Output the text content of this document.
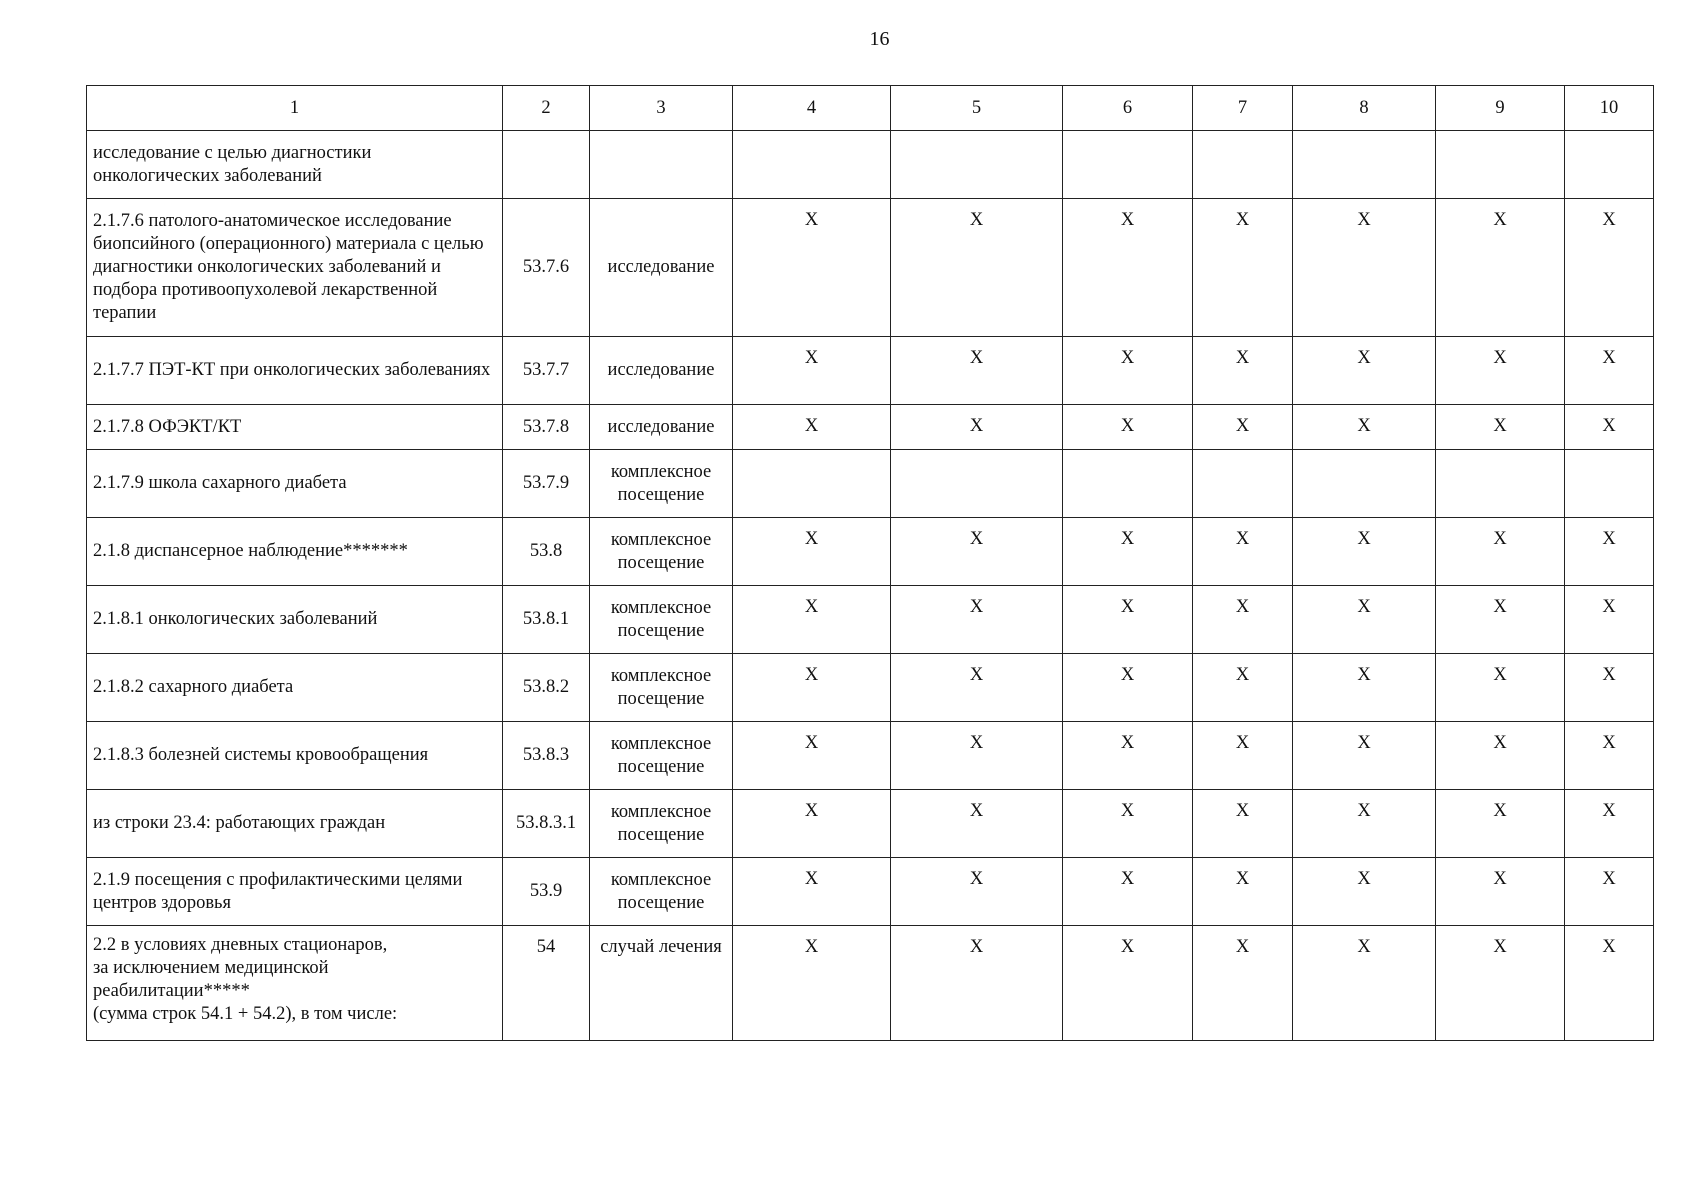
16
1	2	3	4	5	6	7	8	9	10
исследование с целью диагностики онкологических заболеваний									
2.1.7.6 патолого-анатомическое исследование биопсийного (операционного) материала с целью диагностики онкологических заболеваний и подбора противоопухолевой лекарственной терапии	53.7.6	исследование	X	X	X	X	X	X	X
2.1.7.7 ПЭТ-КТ при онкологических заболеваниях	53.7.7	исследование	X	X	X	X	X	X	X
2.1.7.8 ОФЭКТ/КТ	53.7.8	исследование	X	X	X	X	X	X	X
2.1.7.9 школа сахарного диабета	53.7.9	комплексное посещение							
2.1.8 диспансерное наблюдение*******	53.8	комплексное посещение	X	X	X	X	X	X	X
2.1.8.1 онкологических заболеваний	53.8.1	комплексное посещение	X	X	X	X	X	X	X
2.1.8.2 сахарного диабета	53.8.2	комплексное посещение	X	X	X	X	X	X	X
2.1.8.3 болезней системы кровообращения	53.8.3	комплексное посещение	X	X	X	X	X	X	X
из строки 23.4: работающих граждан	53.8.3.1	комплексное посещение	X	X	X	X	X	X	X
2.1.9 посещения с профилактическими целями центров здоровья	53.9	комплексное посещение	X	X	X	X	X	X	X

2.2 в условиях дневных стационаров,
за исключением медицинской
реабилитации*****
(сумма строк 54.1 + 54.2), в том числе:	54	случай лечения	X	X	X	X	X	X	X
